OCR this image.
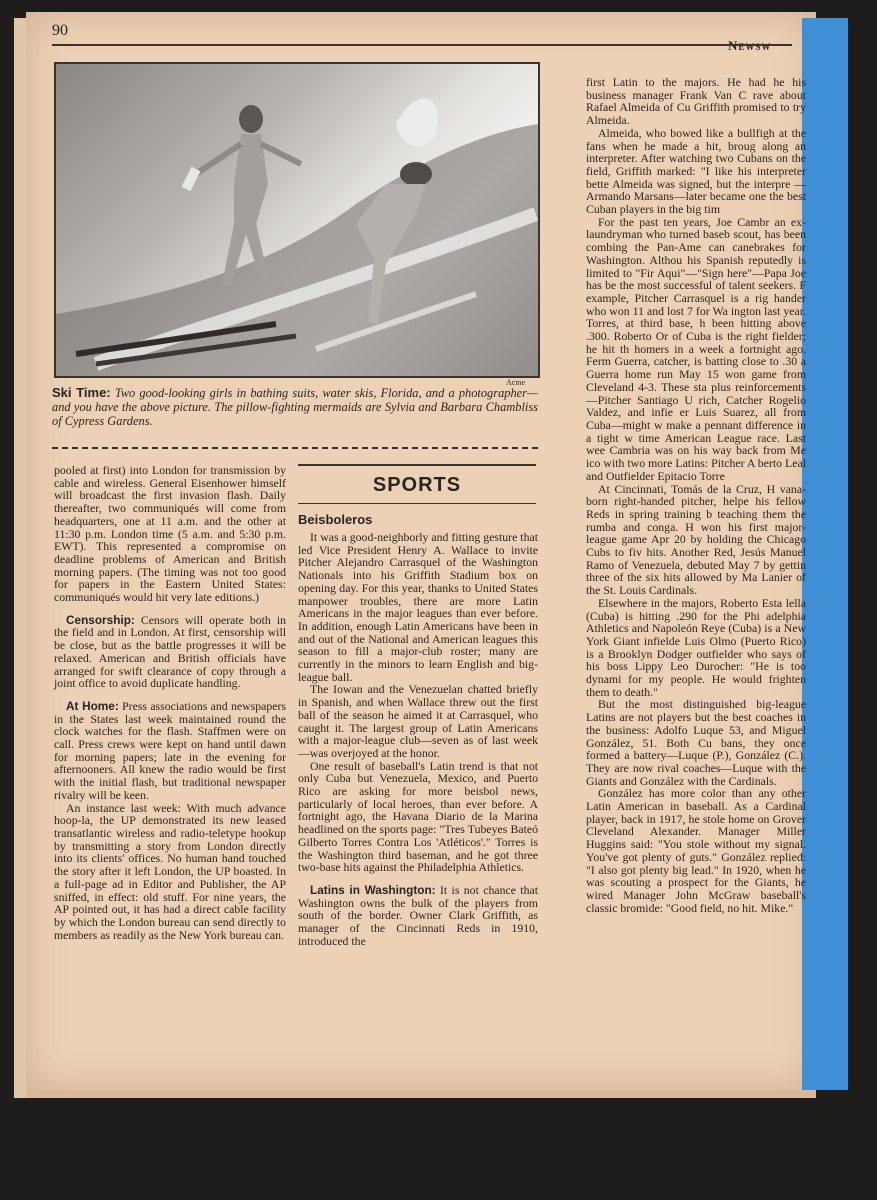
90
Acme
Ski Time: Two good-looking girls in bathing suits, water skis, Florida, and a photographer—and you have the above picture. The pillow-fighting mermaids are Sylvia and Barbara Chambliss of Cypress Gardens.

pooled at first) into London for transmission by cable and wireless. General Eisenhower himself will broadcast the first invasion flash. Daily thereafter, two communiqués will come from headquarters, one at 11 a.m. and the other at 11:30 p.m. London time (5 a.m. and 5:30 p.m. EWT). This represented a compromise on deadline problems of American and British morning papers. (The timing was not too good for papers in the Eastern United States: communiqués would hit very late editions.)

Censorship: Censors will operate both in the field and in London. At first, censorship will be close, but as the battle progresses it will be relaxed. American and British officials have arranged for swift clearance of copy through a joint office to avoid duplicate handling.

At Home: Press associations and newspapers in the States last week maintained round the clock watches for the flash. Staffmen were on call. Press crews were kept on hand until dawn for morning papers; late in the evening for afternooners. All knew the radio would be first with the initial flash, but traditional newspaper rivalry will be keen.

An instance last week: With much advance hoop-la, the UP demonstrated its new leased transatlantic wireless and radio-teletype hookup by transmitting a story from London directly into its clients' offices. No human hand touched the story after it left London, the UP boasted. In a full-page ad in Editor and Publisher, the AP sniffed, in effect: old stuff. For nine years, the AP pointed out, it has had a direct cable facility by which the London bureau can send directly to members as readily as the New York bureau can.

SPORTS
Beisboleros

It was a good-neighborly and fitting gesture that led Vice President Henry A. Wallace to invite Pitcher Alejandro Carrasquel of the Washington Nationals into his Griffith Stadium box on opening day. For this year, thanks to United States manpower troubles, there are more Latin Americans in the major leagues than ever before. In addition, enough Latin Americans have been in and out of the National and American leagues this season to fill a major-club roster; many are currently in the minors to learn English and big-league ball.

The Iowan and the Venezuelan chatted briefly in Spanish, and when Wallace threw out the first ball of the season he aimed it at Carrasquel, who caught it. The largest group of Latin Americans with a major-league club—seven as of last week—was overjoyed at the honor.

One result of baseball's Latin trend is that not only Cuba but Venezuela, Mexico, and Puerto Rico are asking for more beisbol news, particularly of local heroes, than ever before. A fortnight ago, the Havana Diario de la Marina headlined on the sports page: "Tres Tubeyes Bateó Gilberto Torres Contra Los 'Atléticos'." Torres is the Washington third baseman, and he got three two-base hits against the Philadelphia Athletics.

Latins in Washington: It is not chance that Washington owns the bulk of the players from south of the border. Owner Clark Griffith, as manager of the Cincinnati Reds in 1910, introduced the

first Latin to the majors. He had he his business manager Frank Van C rave about Rafael Almeida of Cu Griffith promised to try Almeida.

Almeida, who bowed like a bullfigh at the fans when he made a hit, broug along an interpreter. After watching two Cubans on the field, Griffith marked: "I like his interpreter bette Almeida was signed, but the interpre —Armando Marsans—later became one the best Cuban players in the big tim

For the past ten years, Joe Cambr an ex-laundryman who turned baseb scout, has been combing the Pan-Ame can canebrakes for Washington. Althou his Spanish reputedly is limited to "Fir Aqui"—"Sign here"—Papa Joe has be the most successful of talent seekers. F example, Pitcher Carrasquel is a rig hander who won 11 and lost 7 for Wa ington last year. Torres, at third base, h been hitting above .300. Roberto Or of Cuba is the right fielder; he hit th homers in a week a fortnight ago. Ferm Guerra, catcher, is batting close to .30 a Guerra home run May 15 won game from Cleveland 4-3. These sta plus reinforcements—Pitcher Santiago U rich, Catcher Rogelio Valdez, and infie er Luis Suarez, all from Cuba—might w make a pennant difference in a tight w time American League race. Last wee Cambria was on his way back from Me ico with two more Latins: Pitcher A berto Leal and Outfielder Epitacio Torre

At Cincinnati, Tomás de la Cruz, H vana-born right-handed pitcher, helpe his fellow Reds in spring training b teaching them the rumba and conga. H won his first major-league game Apr 20 by holding the Chicago Cubs to fiv hits. Another Red, Jesús Manuel Ramo of Venezuela, debuted May 7 by gettin three of the six hits allowed by Ma Lanier of the St. Louis Cardinals.

Elsewhere in the majors, Roberto Esta lella (Cuba) is hitting .290 for the Phi adelphia Athletics and Napoleón Reye (Cuba) is a New York Giant infielde Luis Olmo (Puerto Rico) is a Brooklyn Dodger outfielder who says of his boss Lippy Leo Durocher: "He is too dynami for my people. He would frighten them to death."

But the most distinguished big-league Latins are not players but the best coaches in the business: Adolfo Luque 53, and Miguel González, 51. Both Cu bans, they once formed a battery—Luque (P.), González (C.). They are now rival coaches—Luque with the Giants and González with the Cardinals.

González has more color than any other Latin American in baseball. As a Cardinal player, back in 1917, he stole home on Grover Cleveland Alexander. Manager Miller Huggins said: "You stole without my signal. You've got plenty of guts." González replied: "I also got plenty big lead." In 1920, when he was scouting a prospect for the Giants, he wired Manager John McGraw baseball's classic bromide: "Good field, no hit. Mike."
